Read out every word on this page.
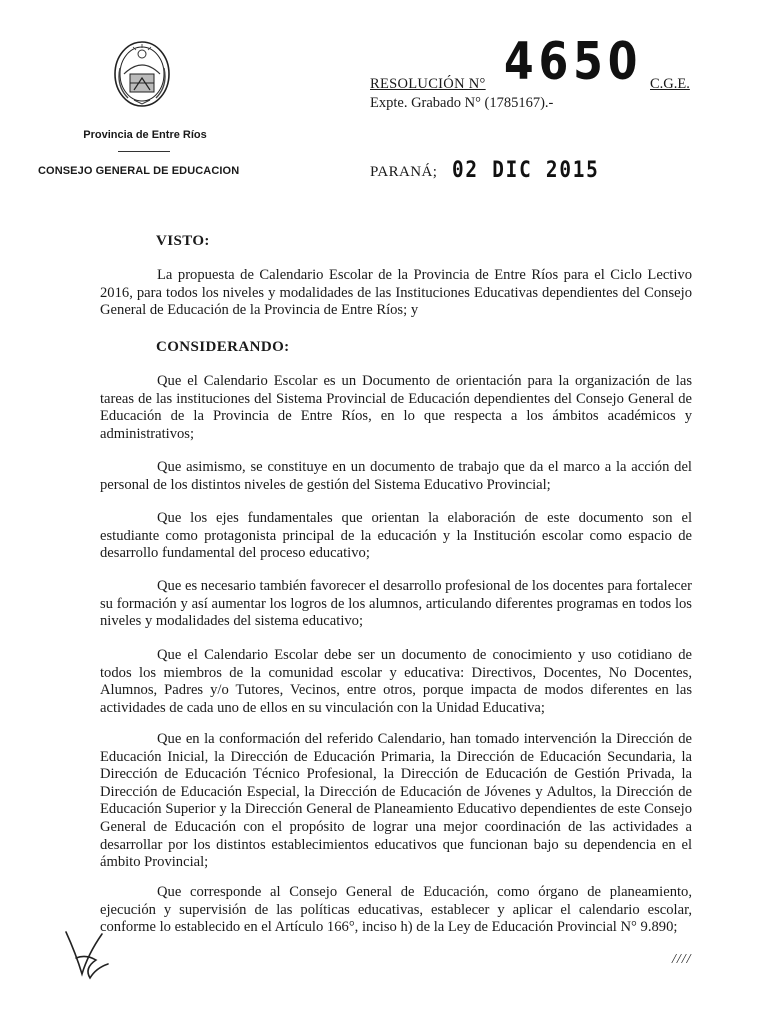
Provincia de Entre Ríos
CONSEJO GENERAL DE EDUCACION
RESOLUCIÓN N° 4650 C.G.E.
Expte. Grabado N° (1785167).-
PARANÁ; 02 DIC 2015
VISTO:
La propuesta de Calendario Escolar de la Provincia de Entre Ríos para el Ciclo Lectivo 2016, para todos los niveles y modalidades de las Instituciones Educativas dependientes del Consejo General de Educación de la Provincia de Entre Ríos; y
CONSIDERANDO:
Que el Calendario Escolar es un Documento de orientación para la organización de las tareas de las instituciones del Sistema Provincial de Educación dependientes del Consejo General de Educación de la Provincia de Entre Ríos, en lo que respecta a los ámbitos académicos y administrativos;
Que asimismo, se constituye en un documento de trabajo que da el marco a la acción del personal de los distintos niveles de gestión del Sistema Educativo Provincial;
Que los ejes fundamentales que orientan la elaboración de este documento son el estudiante como protagonista principal de la educación y la Institución escolar como espacio de desarrollo fundamental del proceso educativo;
Que es necesario también favorecer el desarrollo profesional de los docentes para fortalecer su formación y así aumentar los logros de los alumnos, articulando diferentes programas en todos los niveles y modalidades del sistema educativo;
Que el Calendario Escolar debe ser un documento de conocimiento y uso cotidiano de todos los miembros de la comunidad escolar y educativa: Directivos, Docentes, No Docentes, Alumnos, Padres y/o Tutores, Vecinos, entre otros, porque impacta de modos diferentes en las actividades de cada uno de ellos en su vinculación con la Unidad Educativa;
Que en la conformación del referido Calendario, han tomado intervención la Dirección de Educación Inicial, la Dirección de Educación Primaria, la Dirección de Educación Secundaria, la Dirección de Educación Técnico Profesional, la Dirección de Educación de Gestión Privada, la Dirección de Educación Especial, la Dirección de Educación de Jóvenes y Adultos, la Dirección de Educación Superior y la Dirección General de Planeamiento Educativo dependientes de este Consejo General de Educación con el propósito de lograr una mejor coordinación de las actividades a desarrollar por los distintos establecimientos educativos que funcionan bajo su dependencia en el ámbito Provincial;
Que corresponde al Consejo General de Educación, como órgano de planeamiento, ejecución y supervisión de las políticas educativas, establecer y aplicar el calendario escolar, conforme lo establecido en el Artículo 166°, inciso h) de la Ley de Educación Provincial N° 9.890;
////
